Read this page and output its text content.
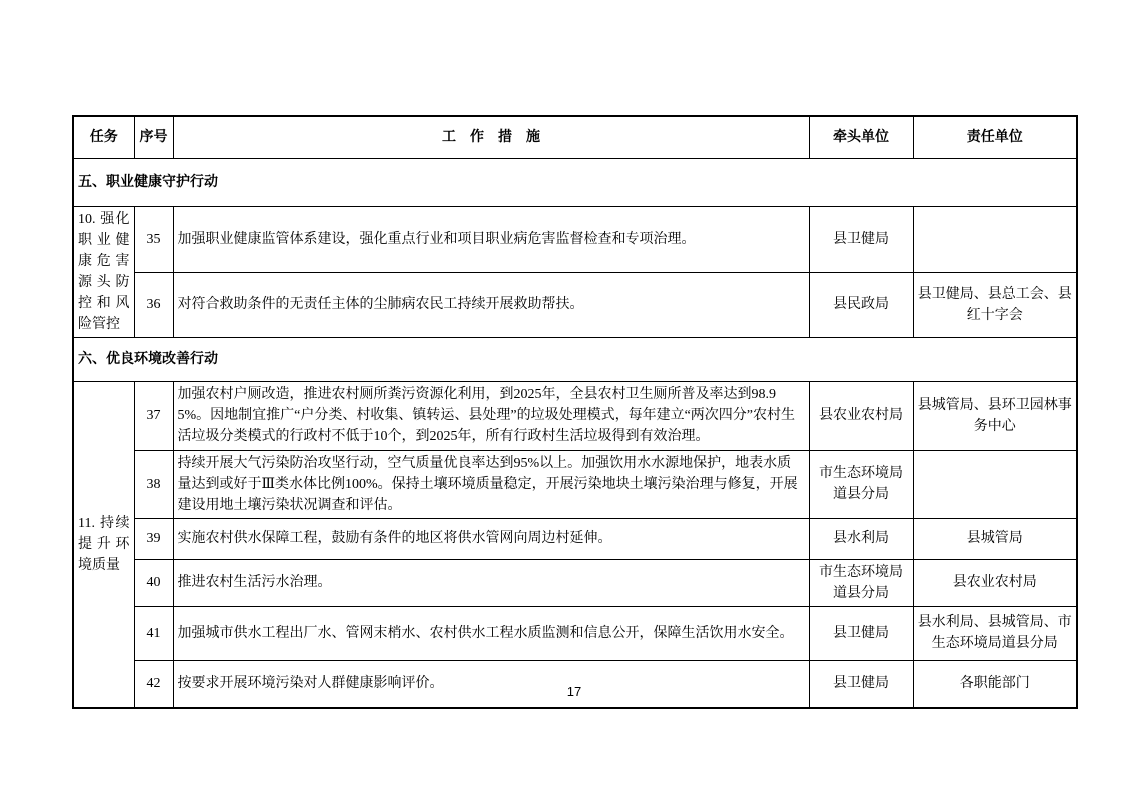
任务	序号	工　作　措　施	牵头单位	责任单位
五、职业健康守护行动				
10. 强化职业健康危害源头防控和风险管控	35	加强职业健康监管体系建设，强化重点行业和项目职业病危害监督检查和专项治理。	县卫健局	
	36	对符合救助条件的无责任主体的尘肺病农民工持续开展救助帮扶。	县民政局	县卫健局、县总工会、县红十字会
六、优良环境改善行动				
11. 持续提升环境质量	37	加强农村户厕改造，推进农村厕所粪污资源化利用，到2025年，全县农村卫生厕所普及率达到98.95%。因地制宜推广“户分类、村收集、镇转运、县处理”的垃圾处理模式，每年建立“两次四分”农村生活垃圾分类模式的行政村不低于10个，到2025年，所有行政村生活垃圾得到有效治理。	县农业农村局	县城管局、县环卫园林事务中心
	38	持续开展大气污染防治攻坚行动，空气质量优良率达到95%以上。加强饮用水水源地保护，地表水质量达到或好于Ⅲ类水体比例100%。保持土壤环境质量稳定，开展污染地块土壤污染治理与修复，开展建设用地土壤污染状况调查和评估。	市生态环境局道县分局	
	39	实施农村供水保障工程，鼓励有条件的地区将供水管网向周边村延伸。	县水利局	县城管局
	40	推进农村生活污水治理。	市生态环境局道县分局	县农业农村局
	41	加强城市供水工程出厂水、管网末梢水、农村供水工程水质监测和信息公开，保障生活饮用水安全。	县卫健局	县水利局、县城管局、市生态环境局道县分局
	42	按要求开展环境污染对人群健康影响评价。	县卫健局	各职能部门
17
